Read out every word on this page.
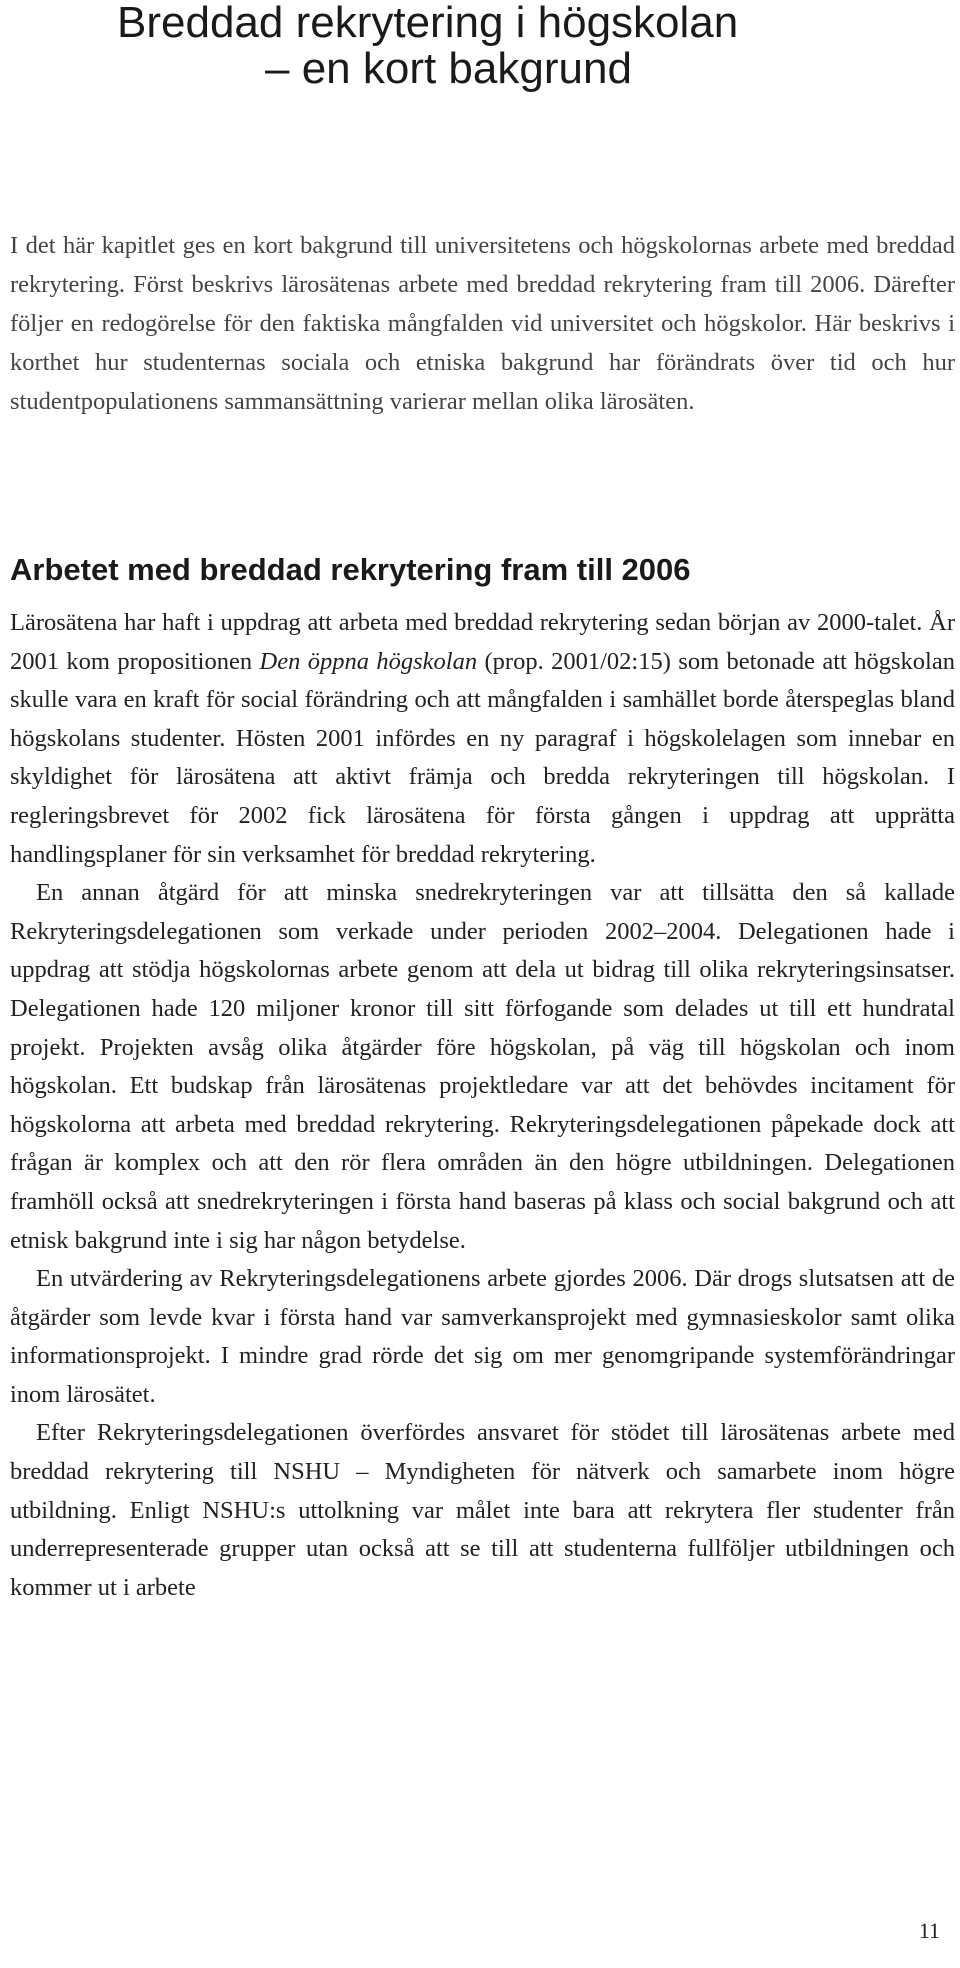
Breddad rekrytering i högskolan
– en kort bakgrund

I det här kapitlet ges en kort bakgrund till universitetens och högskolornas arbete med breddad rekrytering. Först beskrivs lärosätenas arbete med breddad rekrytering fram till 2006. Därefter följer en redogörelse för den faktiska mångfalden vid universitet och högskolor. Här beskrivs i korthet hur studenternas sociala och etniska bakgrund har förändrats över tid och hur studentpopulationens sammansättning varierar mellan olika lärosäten.

Arbetet med breddad rekrytering fram till 2006

Lärosätena har haft i uppdrag att arbeta med breddad rekrytering sedan början av 2000-talet. År 2001 kom propositionen Den öppna högskolan (prop. 2001/02:15) som betonade att högskolan skulle vara en kraft för social förändring och att mångfalden i samhället borde återspeglas bland högskolans studenter. Hösten 2001 infördes en ny paragraf i högskolelagen som innebar en skyldighet för lärosätena att aktivt främja och bredda rekryteringen till högskolan. I regleringsbrevet för 2002 fick lärosätena för första gången i uppdrag att upprätta handlingsplaner för sin verksamhet för breddad rekrytering.

En annan åtgärd för att minska snedrekryteringen var att tillsätta den så kallade Rekryteringsdelegationen som verkade under perioden 2002–2004. Delegationen hade i uppdrag att stödja högskolornas arbete genom att dela ut bidrag till olika rekryteringsinsatser. Delegationen hade 120 miljoner kronor till sitt förfogande som delades ut till ett hundratal projekt. Projekten avsåg olika åtgärder före högskolan, på väg till högskolan och inom högskolan. Ett budskap från lärosätenas projektledare var att det behövdes incitament för högskolorna att arbeta med breddad rekrytering. Rekryteringsdelegationen påpekade dock att frågan är komplex och att den rör flera områden än den högre utbildningen. Delegationen framhöll också att snedrekryteringen i första hand baseras på klass och social bakgrund och att etnisk bakgrund inte i sig har någon betydelse.

En utvärdering av Rekryteringsdelegationens arbete gjordes 2006. Där drogs slutsatsen att de åtgärder som levde kvar i första hand var samverkansprojekt med gymnasieskolor samt olika informationsprojekt. I mindre grad rörde det sig om mer genomgripande systemförändringar inom lärosätet.

Efter Rekryteringsdelegationen överfördes ansvaret för stödet till lärosätenas arbete med breddad rekrytering till NSHU – Myndigheten för nätverk och samarbete inom högre utbildning. Enligt NSHU:s uttolkning var målet inte bara att rekrytera fler studenter från underrepresenterade grupper utan också att se till att studenterna fullföljer utbildningen och kommer ut i arbete

11
